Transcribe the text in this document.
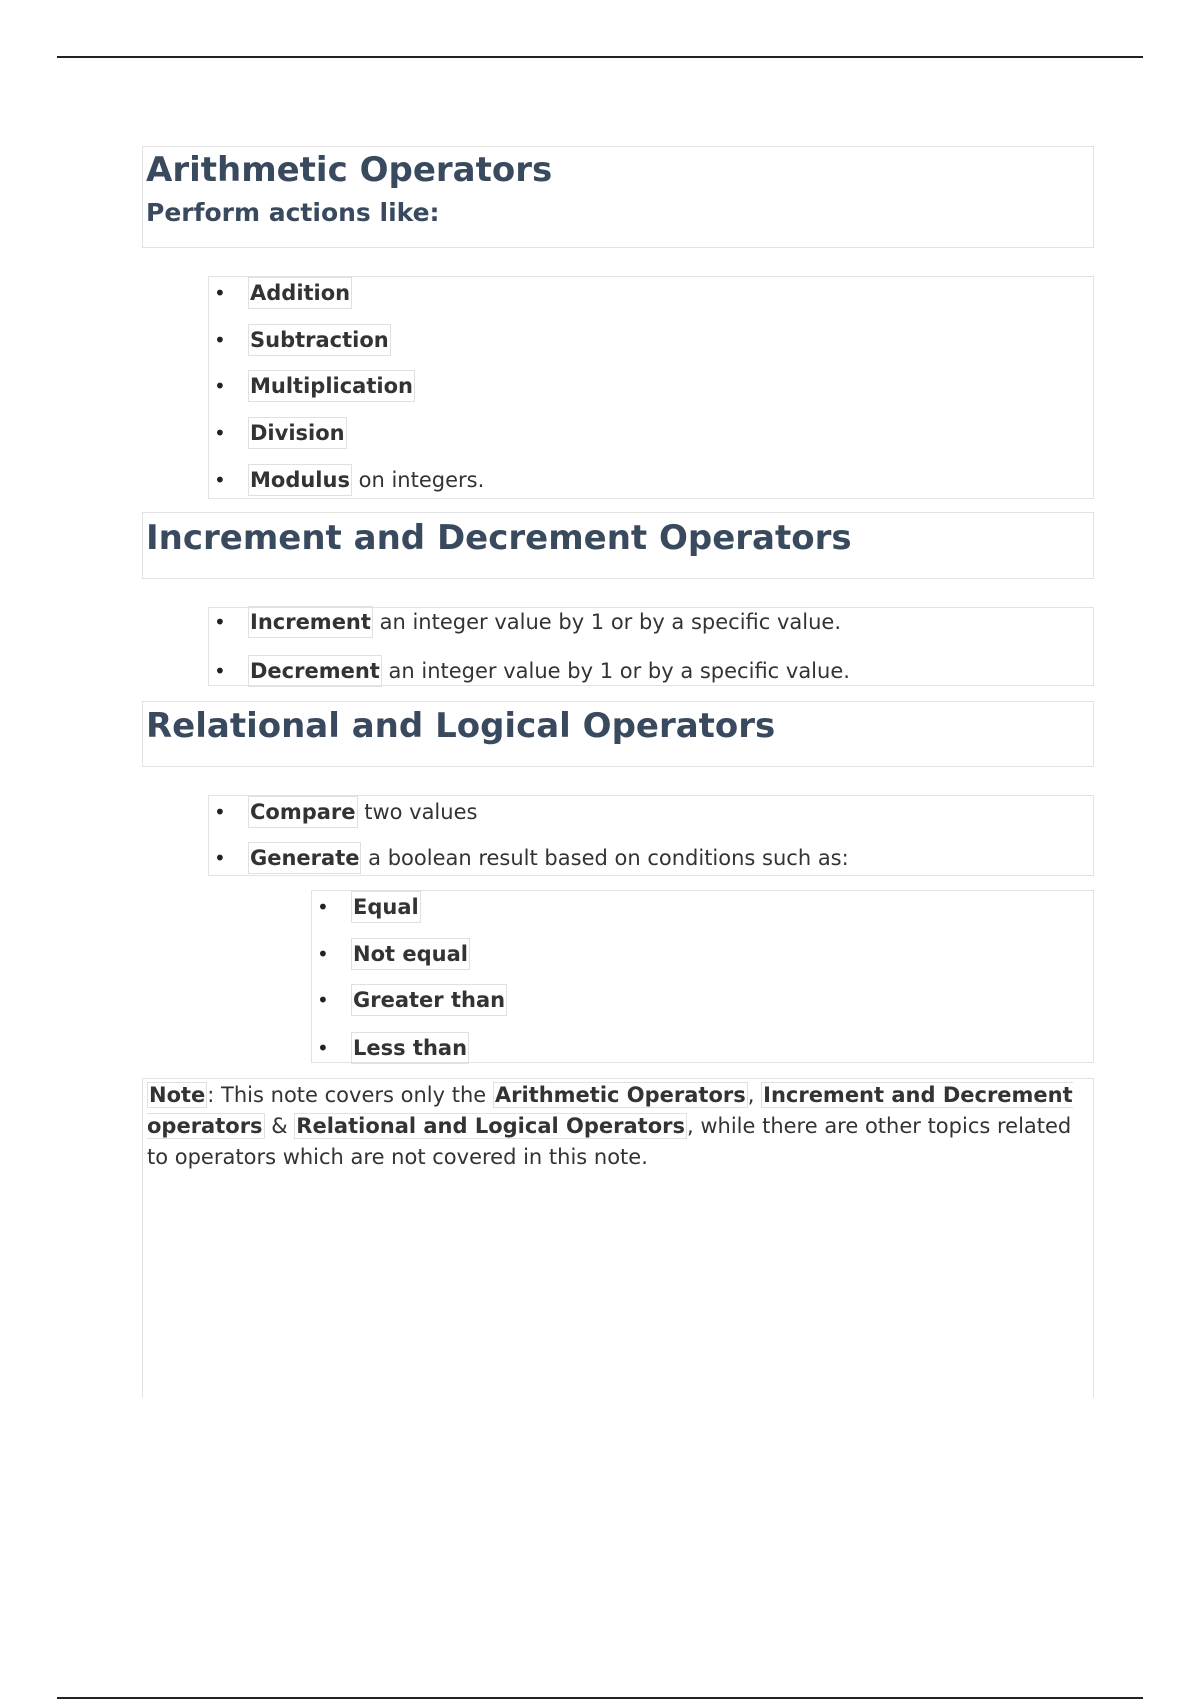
Arithmetic Operators
Perform actions like:
• Addition
• Subtraction
• Multiplication
• Division
• Modulus on integers.
Increment and Decrement Operators
• Increment an integer value by 1 or by a specific value.
• Decrement an integer value by 1 or by a specific value.
Relational and Logical Operators
• Compare two values
• Generate a boolean result based on conditions such as:
• Equal
• Not equal
• Greater than
• Less than

Note: This note covers only the Arithmetic Operators, Increment and Decrement operators & Relational and Logical Operators, while there are other topics related to operators which are not covered in this note.
